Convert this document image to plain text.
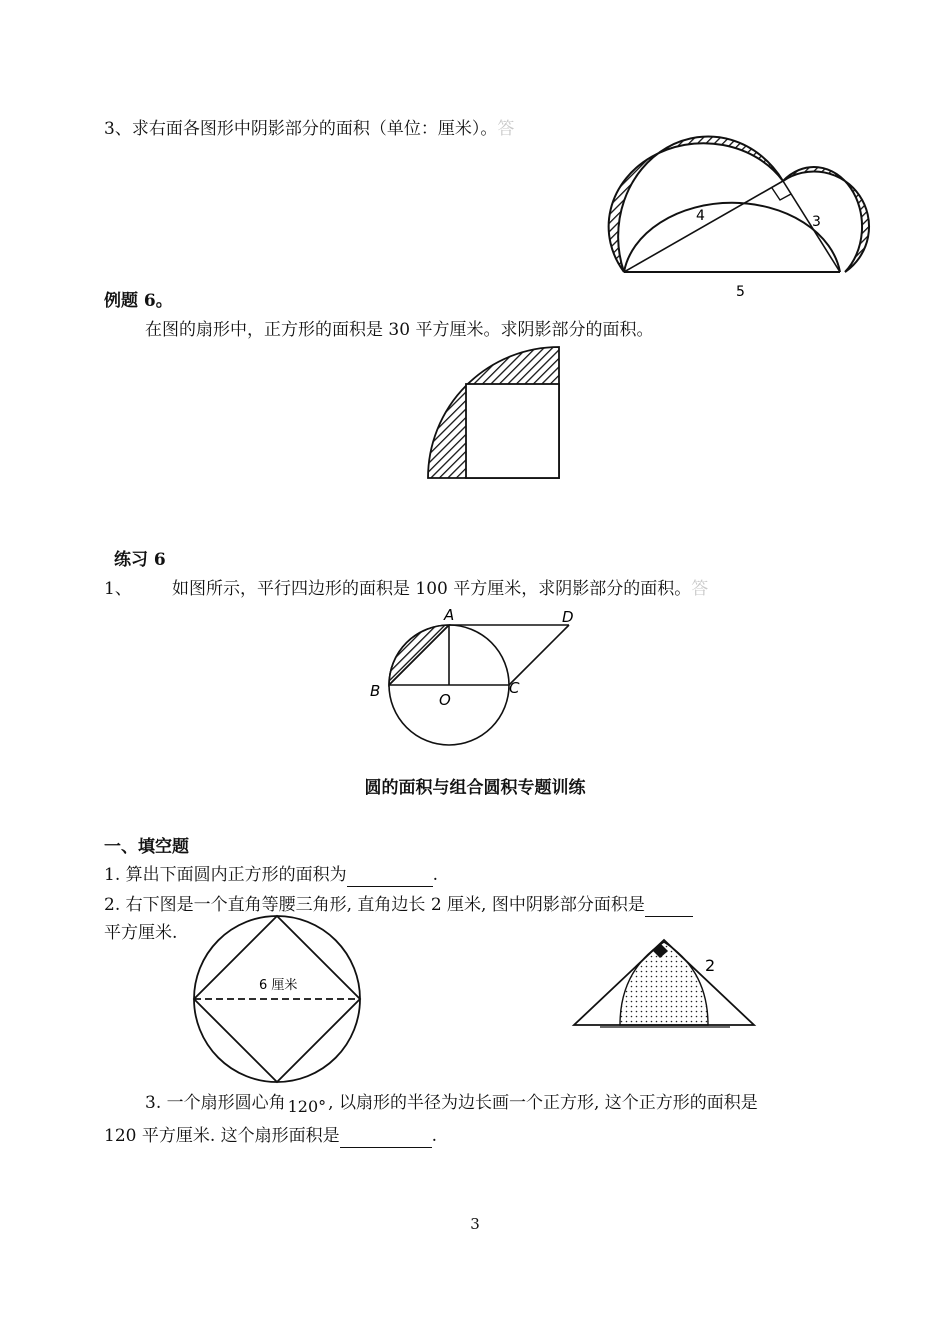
3、求右面各图形中阴影部分的面积（单位：厘米）。答
4	3
5
例题 6。
在图的扇形中，正方形的面积是 30 平方厘米。求阴影部分的面积。
练习 6
1、 如图所示，平行四边形的面积是 100 平方厘米，求阴影部分的面积。答
A	D
B	C
O
圆的面积与组合圆积专题训练
一、填空题
1. 算出下面圆内正方形的面积为	.
2. 右下图是一个直角等腰三角形, 直角边长 2 厘米, 图中阴影部分面积是
平方厘米.
6 厘米
2
3. 一个扇形圆心角 120° , 以扇形的半径为边长画一个正方形, 这个正方形的面积是
120 平方厘米. 这个扇形面积是	.
3
